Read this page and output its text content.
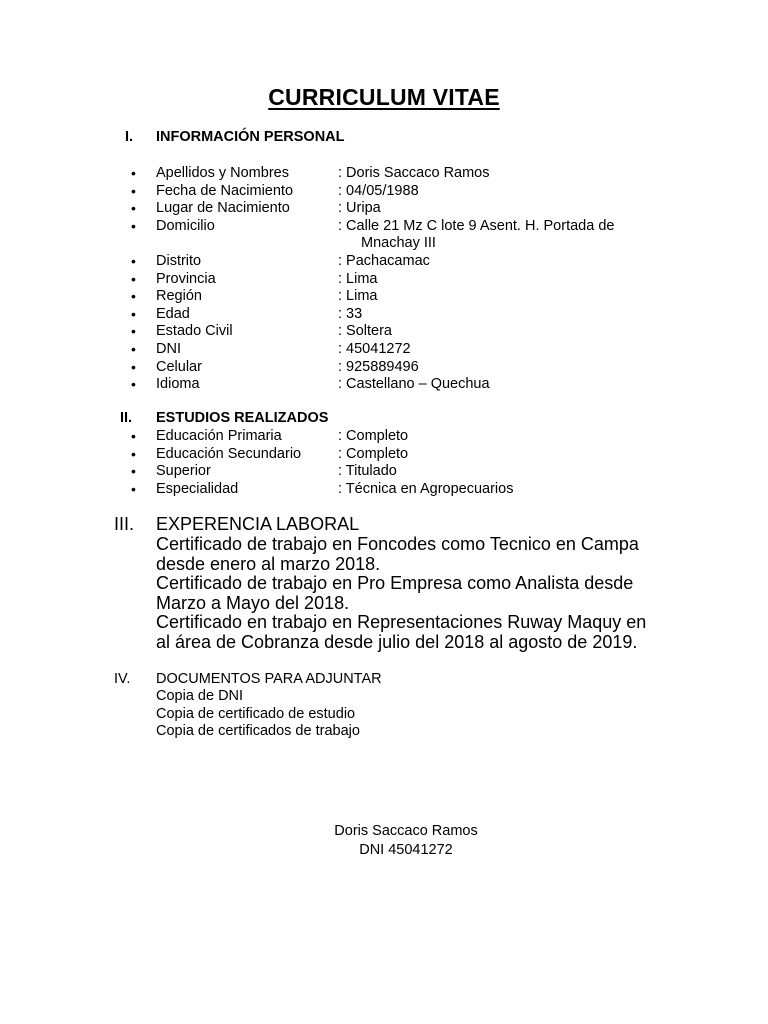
CURRICULUM VITAE
I. INFORMACIÓN PERSONAL
• Apellidos y Nombres	: Doris Saccaco Ramos
• Fecha de Nacimiento	: 04/05/1988
• Lugar de Nacimiento	: Uripa
• Domicilio	: Calle 21 Mz C lote 9 Asent. H. Portada de
Mnachay III
• Distrito	: Pachacamac
• Provincia	: Lima
• Región	: Lima
• Edad	: 33
• Estado Civil	: Soltera
• DNI	: 45041272
• Celular	: 925889496
• Idioma	: Castellano – Quechua
II. ESTUDIOS REALIZADOS
• Educación Primaria	: Completo
• Educación Secundario	: Completo
• Superior	: Titulado
• Especialidad	: Técnica en Agropecuarios
III. EXPERENCIA LABORAL
Certificado de trabajo en Foncodes como Tecnico en Campa
desde enero al marzo 2018.
Certificado de trabajo en Pro Empresa como Analista desde
Marzo a Mayo del 2018.
Certificado en trabajo en Representaciones Ruway Maquy en
al área de Cobranza desde julio del 2018 al agosto de 2019.
IV. DOCUMENTOS PARA ADJUNTAR
Copia de DNI
Copia de certificado de estudio
Copia de certificados de trabajo
Doris Saccaco Ramos
DNI 45041272
